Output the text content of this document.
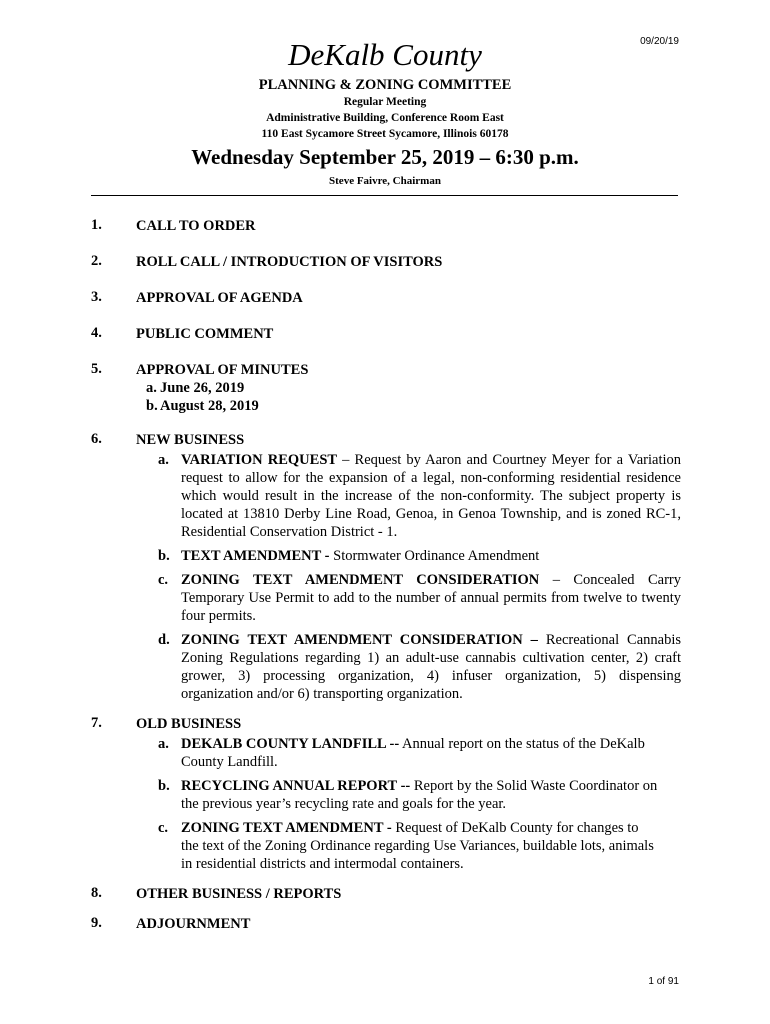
09/20/19
DeKalb County
PLANNING & ZONING COMMITTEE
Regular Meeting
Administrative Building, Conference Room East
110 East Sycamore Street Sycamore, Illinois 60178
Wednesday September 25, 2019 – 6:30 p.m.
Steve Faivre, Chairman
1. CALL TO ORDER
2. ROLL CALL / INTRODUCTION OF VISITORS
3. APPROVAL OF AGENDA
4. PUBLIC COMMENT
5. APPROVAL OF MINUTES
a. June 26, 2019
b. August 28, 2019
6. NEW BUSINESS
a. VARIATION REQUEST – Request by Aaron and Courtney Meyer for a Variation request to allow for the expansion of a legal, non-conforming residential residence which would result in the increase of the non-conformity. The subject property is located at 13810 Derby Line Road, Genoa, in Genoa Township, and is zoned RC-1, Residential Conservation District - 1.
b. TEXT AMENDMENT - Stormwater Ordinance Amendment
c. ZONING TEXT AMENDMENT CONSIDERATION – Concealed Carry Temporary Use Permit to add to the number of annual permits from twelve to twenty four permits.
d. ZONING TEXT AMENDMENT CONSIDERATION – Recreational Cannabis Zoning Regulations regarding 1) an adult-use cannabis cultivation center, 2) craft grower, 3) processing organization, 4) infuser organization, 5) dispensing organization and/or 6) transporting organization.
7. OLD BUSINESS
a. DEKALB COUNTY LANDFILL -- Annual report on the status of the DeKalb County Landfill.
b. RECYCLING ANNUAL REPORT -- Report by the Solid Waste Coordinator on the previous year’s recycling rate and goals for the year.
c. ZONING TEXT AMENDMENT - Request of DeKalb County for changes to the text of the Zoning Ordinance regarding Use Variances, buildable lots, animals in residential districts and intermodal containers.
8. OTHER BUSINESS / REPORTS
9. ADJOURNMENT
1 of 91
